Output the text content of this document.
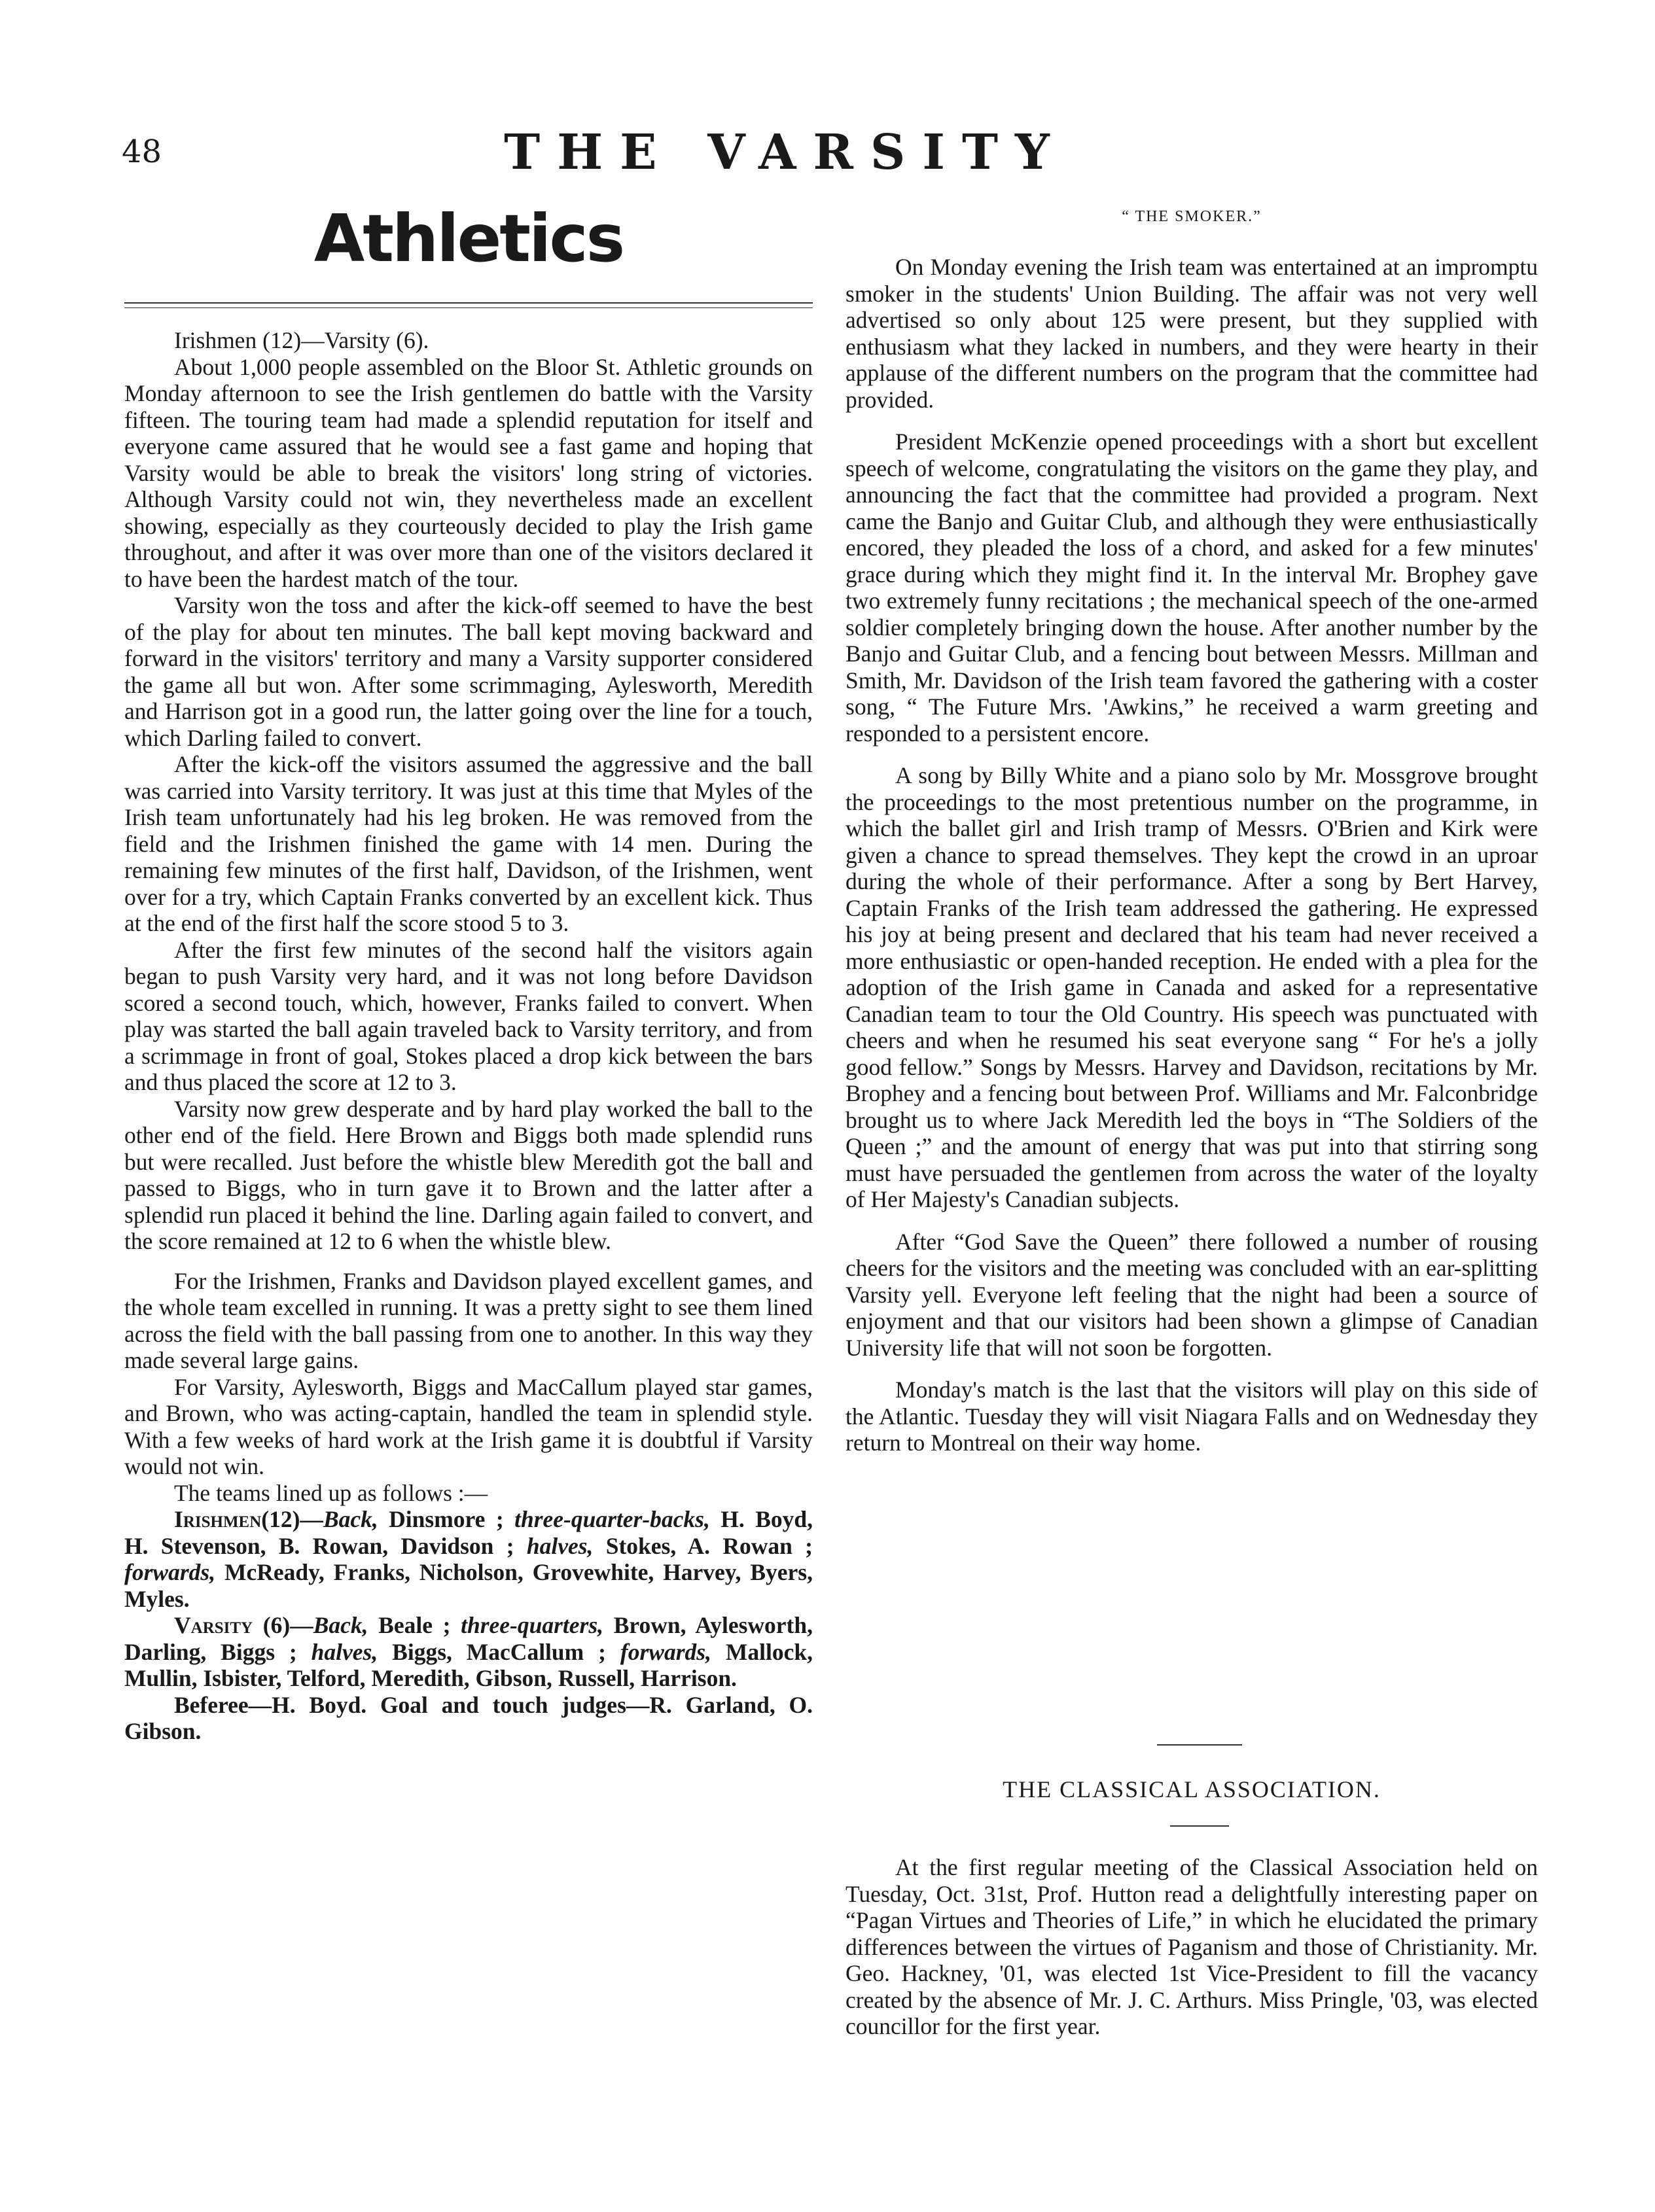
48	THE VARSITY
Athletics

Irishmen (12)—Varsity (6).

About 1,000 people assembled on the Bloor St. Athletic grounds on Monday afternoon to see the Irish gentlemen do battle with the Varsity fifteen. The touring team had made a splendid reputation for itself and everyone came assured that he would see a fast game and hoping that Varsity would be able to break the visitors' long string of victories. Although Varsity could not win, they nevertheless made an excellent showing, especially as they courteously decided to play the Irish game throughout, and after it was over more than one of the visitors declared it to have been the hardest match of the tour.

Varsity won the toss and after the kick-off seemed to have the best of the play for about ten minutes. The ball kept moving backward and forward in the visitors' territory and many a Varsity supporter considered the game all but won. After some scrimmaging, Aylesworth, Meredith and Harrison got in a good run, the latter going over the line for a touch, which Darling failed to convert.

After the kick-off the visitors assumed the aggressive and the ball was carried into Varsity territory. It was just at this time that Myles of the Irish team unfortunately had his leg broken. He was removed from the field and the Irishmen finished the game with 14 men. During the remaining few minutes of the first half, Davidson, of the Irishmen, went over for a try, which Captain Franks converted by an excellent kick. Thus at the end of the first half the score stood 5 to 3.

After the first few minutes of the second half the visitors again began to push Varsity very hard, and it was not long before Davidson scored a second touch, which, however, Franks failed to convert. When play was started the ball again traveled back to Varsity territory, and from a scrimmage in front of goal, Stokes placed a drop kick between the bars and thus placed the score at 12 to 3.

Varsity now grew desperate and by hard play worked the ball to the other end of the field. Here Brown and Biggs both made splendid runs but were recalled. Just before the whistle blew Meredith got the ball and passed to Biggs, who in turn gave it to Brown and the latter after a splendid run placed it behind the line. Darling again failed to convert, and the score remained at 12 to 6 when the whistle blew.

For the Irishmen, Franks and Davidson played excellent games, and the whole team excelled in running. It was a pretty sight to see them lined across the field with the ball passing from one to another. In this way they made several large gains.

For Varsity, Aylesworth, Biggs and MacCallum played star games, and Brown, who was acting-captain, handled the team in splendid style. With a few weeks of hard work at the Irish game it is doubtful if Varsity would not win.

The teams lined up as follows :—

Irishmen(12)—Back, Dinsmore ; three-quarter-backs, H. Boyd, H. Stevenson, B. Rowan, Davidson ; halves, Stokes, A. Rowan ; forwards, McReady, Franks, Nicholson, Grovewhite, Harvey, Byers, Myles.

Varsity (6)—Back, Beale ; three-quarters, Brown, Aylesworth, Darling, Biggs ; halves, Biggs, MacCallum ; forwards, Mallock, Mullin, Isbister, Telford, Meredith, Gibson, Russell, Harrison.

Beferee—H. Boyd. Goal and touch judges—R. Garland, O. Gibson.

“ THE SMOKER.”

On Monday evening the Irish team was entertained at an impromptu smoker in the students' Union Building. The affair was not very well advertised so only about 125 were present, but they supplied with enthusiasm what they lacked in numbers, and they were hearty in their applause of the different numbers on the program that the committee had provided.

President McKenzie opened proceedings with a short but excellent speech of welcome, congratulating the visitors on the game they play, and announcing the fact that the committee had provided a program. Next came the Banjo and Guitar Club, and although they were enthusiastically encored, they pleaded the loss of a chord, and asked for a few minutes' grace during which they might find it. In the interval Mr. Brophey gave two extremely funny recitations ; the mechanical speech of the one-armed soldier completely bringing down the house. After another number by the Banjo and Guitar Club, and a fencing bout between Messrs. Millman and Smith, Mr. Davidson of the Irish team favored the gathering with a coster song, “ The Future Mrs. 'Awkins,” he received a warm greeting and responded to a persistent encore.

A song by Billy White and a piano solo by Mr. Mossgrove brought the proceedings to the most pretentious number on the programme, in which the ballet girl and Irish tramp of Messrs. O'Brien and Kirk were given a chance to spread themselves. They kept the crowd in an uproar during the whole of their performance. After a song by Bert Harvey, Captain Franks of the Irish team addressed the gathering. He expressed his joy at being present and declared that his team had never received a more enthusiastic or open-handed reception. He ended with a plea for the adoption of the Irish game in Canada and asked for a representative Canadian team to tour the Old Country. His speech was punctuated with cheers and when he resumed his seat everyone sang “ For he's a jolly good fellow.” Songs by Messrs. Harvey and Davidson, recitations by Mr. Brophey and a fencing bout between Prof. Williams and Mr. Falconbridge brought us to where Jack Meredith led the boys in “The Soldiers of the Queen ;” and the amount of energy that was put into that stirring song must have persuaded the gentlemen from across the water of the loyalty of Her Majesty's Canadian subjects.

After “God Save the Queen” there followed a number of rousing cheers for the visitors and the meeting was concluded with an ear-splitting Varsity yell. Everyone left feeling that the night had been a source of enjoyment and that our visitors had been shown a glimpse of Canadian University life that will not soon be forgotten.

Monday's match is the last that the visitors will play on this side of the Atlantic. Tuesday they will visit Niagara Falls and on Wednesday they return to Montreal on their way home.

THE CLASSICAL ASSOCIATION.

At the first regular meeting of the Classical Association held on Tuesday, Oct. 31st, Prof. Hutton read a delightfully interesting paper on “Pagan Virtues and Theories of Life,” in which he elucidated the primary differences between the virtues of Paganism and those of Christianity. Mr. Geo. Hackney, '01, was elected 1st Vice-President to fill the vacancy created by the absence of Mr. J. C. Arthurs. Miss Pringle, '03, was elected councillor for the first year.
